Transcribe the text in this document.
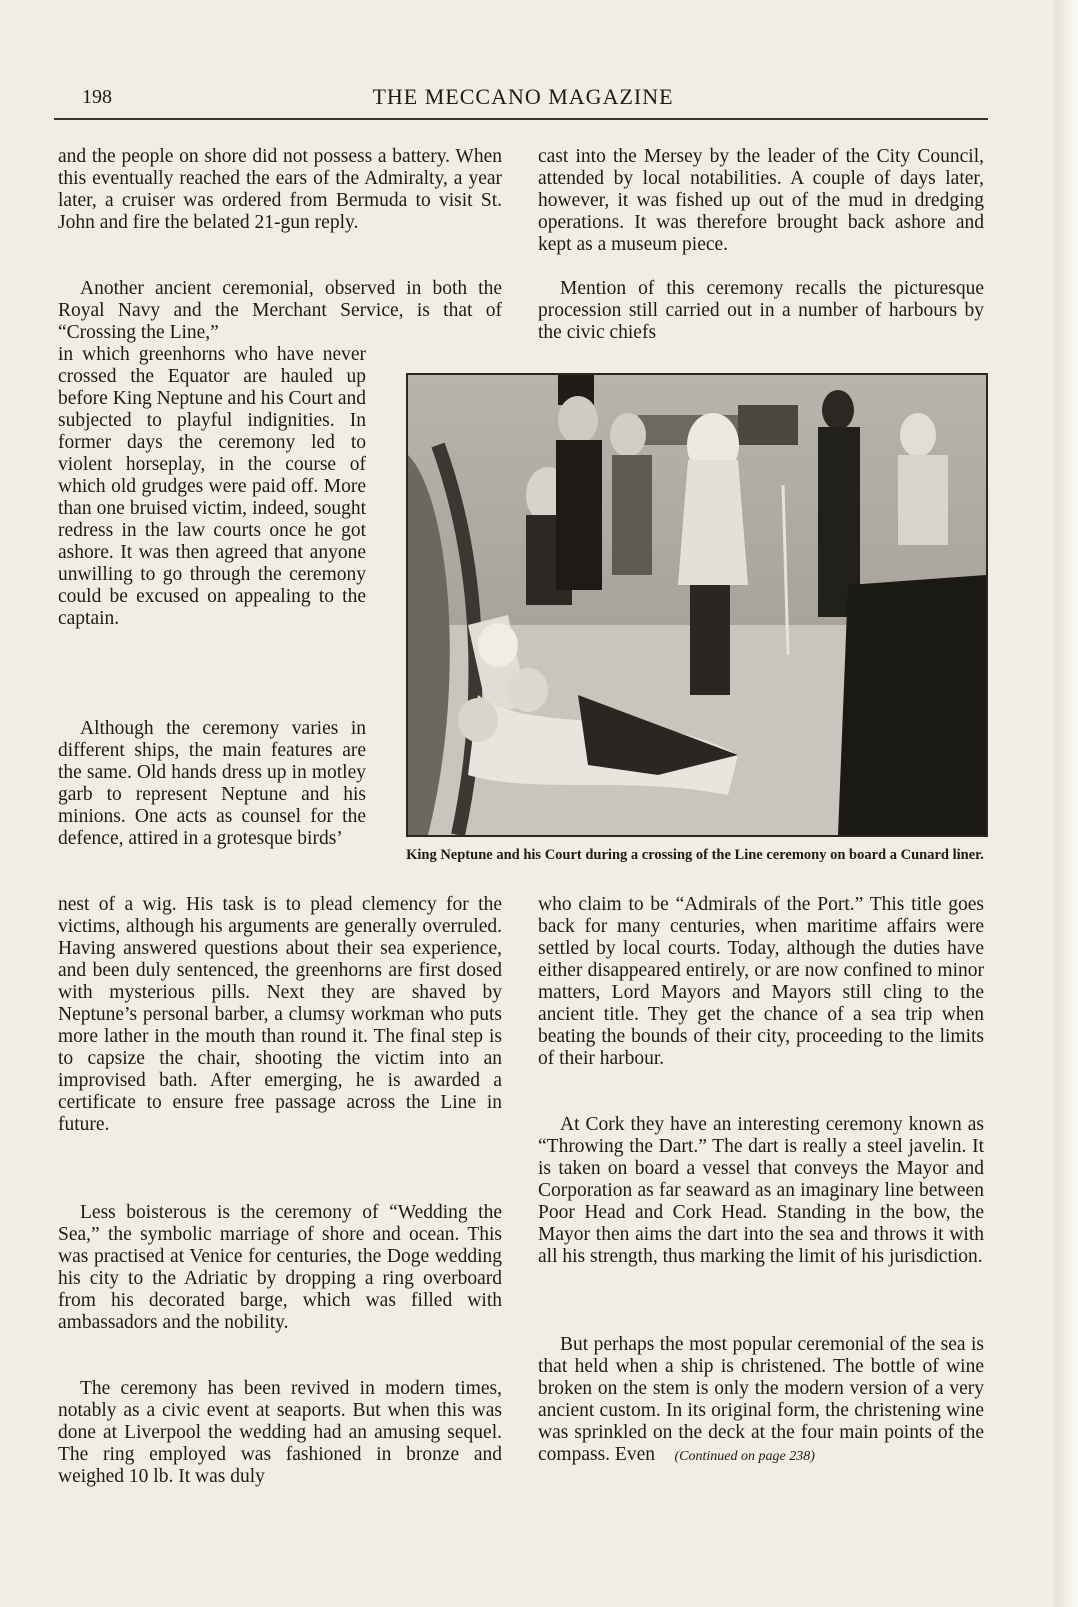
198	THE MECCANO MAGAZINE

and the people on shore did not possess a battery. When this eventually reached the ears of the Admiralty, a year later, a cruiser was ordered from Bermuda to visit St. John and fire the belated 21-gun reply.

Another ancient ceremonial, observed in both the Royal Navy and the Merchant Service, is that of “Crossing the Line,”

in which greenhorns who have never crossed the Equator are hauled up before King Neptune and his Court and subjected to playful indignities. In former days the ceremony led to violent horseplay, in the course of which old grudges were paid off. More than one bruised victim, indeed, sought redress in the law courts once he got ashore. It was then agreed that anyone unwilling to go through the ceremony could be excused on appealing to the captain.

Although the ceremony varies in different ships, the main features are the same. Old hands dress up in motley garb to represent Neptune and his minions. One acts as counsel for the defence, attired in a grotesque birds’

nest of a wig. His task is to plead clemency for the victims, although his arguments are generally overruled. Having answered questions about their sea experience, and been duly sentenced, the greenhorns are first dosed with mysterious pills. Next they are shaved by Neptune’s personal barber, a clumsy workman who puts more lather in the mouth than round it. The final step is to capsize the chair, shooting the victim into an improvised bath. After emerging, he is awarded a certificate to ensure free passage across the Line in future.

Less boisterous is the ceremony of “Wedding the Sea,” the symbolic marriage of shore and ocean. This was practised at Venice for centuries, the Doge wedding his city to the Adriatic by dropping a ring overboard from his decorated barge, which was filled with ambassadors and the nobility.

The ceremony has been revived in modern times, notably as a civic event at seaports. But when this was done at Liverpool the wedding had an amusing sequel. The ring employed was fashioned in bronze and weighed 10 lb. It was duly

cast into the Mersey by the leader of the City Council, attended by local notabilities. A couple of days later, however, it was fished up out of the mud in dredging operations. It was therefore brought back ashore and kept as a museum piece.

Mention of this ceremony recalls the picturesque procession still carried out in a number of harbours by the civic chiefs

King Neptune and his Court during a crossing of the Line ceremony on board a Cunard liner.

who claim to be “Admirals of the Port.” This title goes back for many centuries, when maritime affairs were settled by local courts. Today, although the duties have either disappeared entirely, or are now confined to minor matters, Lord Mayors and Mayors still cling to the ancient title. They get the chance of a sea trip when beating the bounds of their city, proceeding to the limits of their harbour.

At Cork they have an interesting ceremony known as “Throwing the Dart.” The dart is really a steel javelin. It is taken on board a vessel that conveys the Mayor and Corporation as far seaward as an imaginary line between Poor Head and Cork Head. Standing in the bow, the Mayor then aims the dart into the sea and throws it with all his strength, thus marking the limit of his jurisdiction.

But perhaps the most popular ceremonial of the sea is that held when a ship is christened. The bottle of wine broken on the stem is only the modern version of a very ancient custom. In its original form, the christening wine was sprinkled on the deck at the four main points of the compass. Even (Continued on page 238)
